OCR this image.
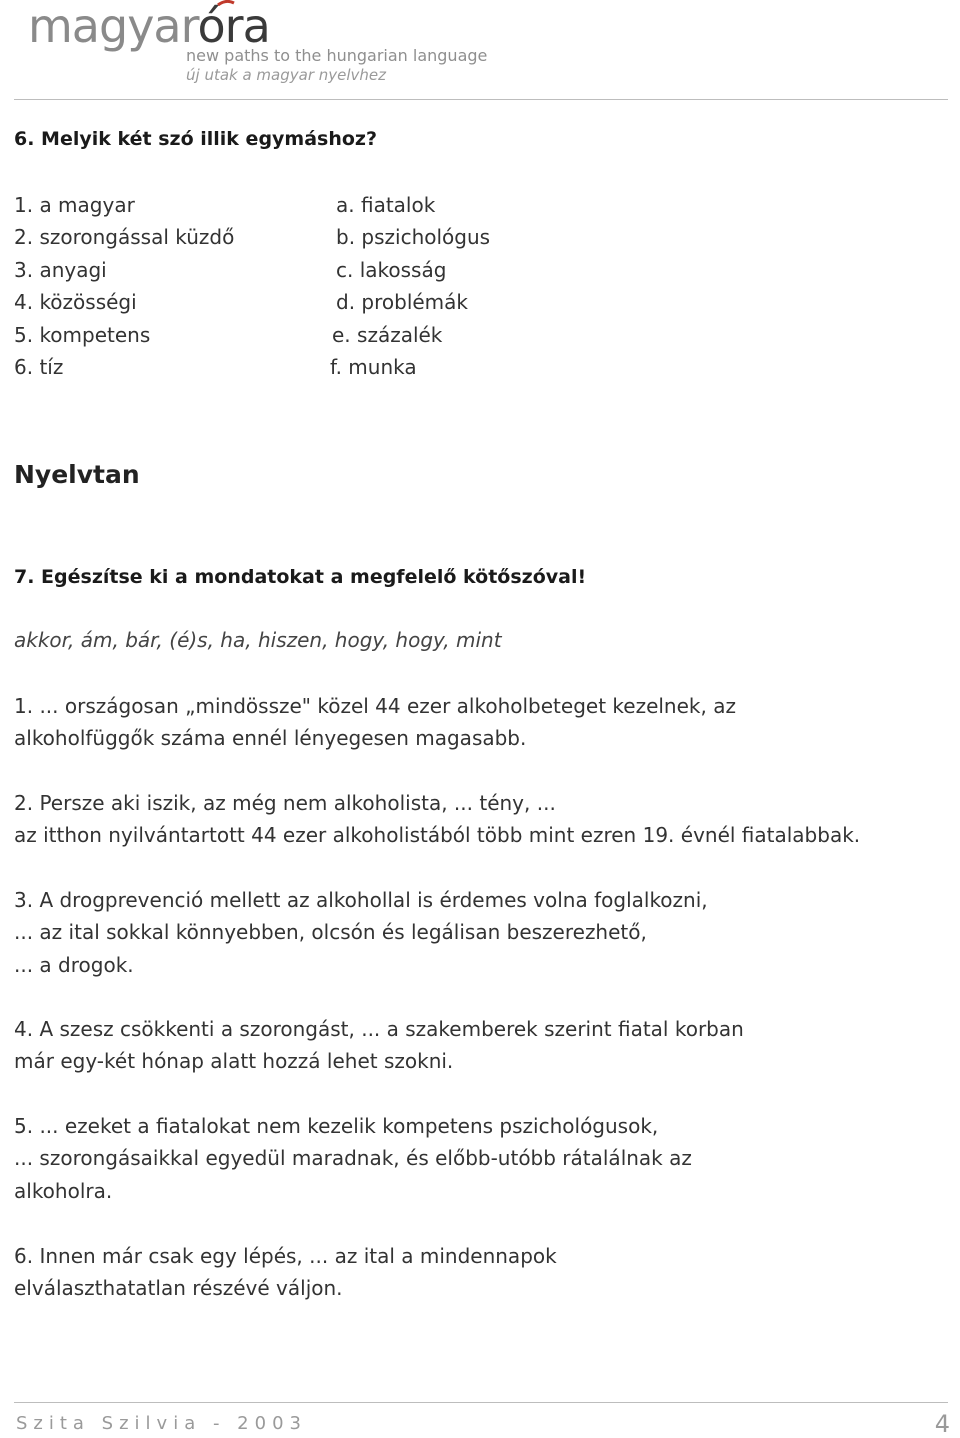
magyaróra
new paths to the hungarian language
új utak a magyar nyelvhez
6. Melyik két szó illik egymáshoz?
1. a magyar
2. szorongással küzdő
3. anyagi
4. közösségi
5. kompetens
6. tíz
a. fiatalok
b. pszichológus
c. lakosság
d. problémák
e. százalék
f. munka
Nyelvtan
7. Egészítse ki a mondatokat a megfelelő kötőszóval!
akkor, ám, bár, (é)s, ha, hiszen, hogy, hogy, mint
1. ... országosan „mindössze" közel 44 ezer alkoholbeteget kezelnek, az
alkoholfüggők száma ennél lényegesen magasabb.
2. Persze aki iszik, az még nem alkoholista, ... tény, ...
az itthon nyilvántartott 44 ezer alkoholistából több mint ezren 19. évnél fiatalabbak.
3. A drogprevenció mellett az alkohollal is érdemes volna foglalkozni,
... az ital sokkal könnyebben, olcsón és legálisan beszerezhető,
... a drogok.
4. A szesz csökkenti a szorongást, ... a szakemberek szerint fiatal korban
már egy-két hónap alatt hozzá lehet szokni.
5. ... ezeket a fiatalokat nem kezelik kompetens pszichológusok,
... szorongásaikkal egyedül maradnak, és előbb-utóbb rátalálnak az
alkoholra.
6. Innen már csak egy lépés, ... az ital a mindennapok
elválaszthatatlan részévé váljon.
Szita Szilvia - 2003	4
